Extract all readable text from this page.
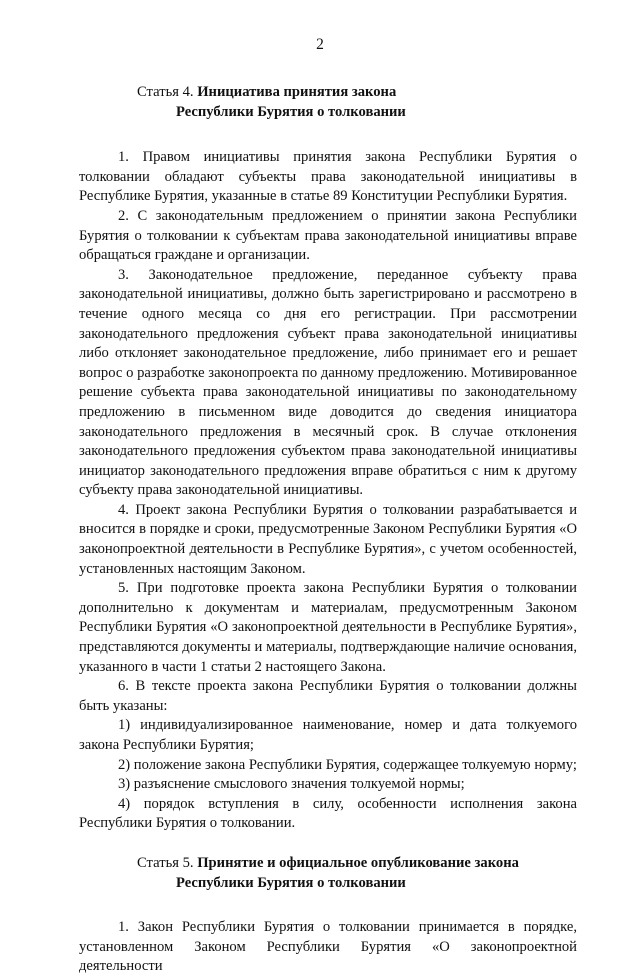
2
Статья 4. Инициатива принятия закона
Республики Бурятия о толковании

1. Правом инициативы принятия закона Республики Бурятия о толковании обладают субъекты права законодательной инициативы в Республике Бурятия, указанные в статье 89 Конституции Республики Бурятия.

2. С законодательным предложением о принятии закона Республики Бурятия о толковании к субъектам права законодательной инициативы вправе обращаться граждане и организации.

3. Законодательное предложение, переданное субъекту права законодательной инициативы, должно быть зарегистрировано и рассмотрено в течение одного месяца со дня его регистрации. При рассмотрении законодательного предложения субъект права законодательной инициативы либо отклоняет законодательное предложение, либо принимает его и решает вопрос о разработке законопроекта по данному предложению. Мотивированное решение субъекта права законодательной инициативы по законодательному предложению в письменном виде доводится до сведения инициатора законодательного предложения в месячный срок. В случае отклонения законодательного предложения субъектом права законодательной инициативы инициатор законодательного предложения вправе обратиться с ним к другому субъекту права законодательной инициативы.

4. Проект закона Республики Бурятия о толковании разрабатывается и вносится в порядке и сроки, предусмотренные Законом Республики Бурятия «О законопроектной деятельности в Республике Бурятия», с учетом особенностей, установленных настоящим Законом.

5. При подготовке проекта закона Республики Бурятия о толковании дополнительно к документам и материалам, предусмотренным Законом Республики Бурятия «О законопроектной деятельности в Республике Бурятия», представляются документы и материалы, подтверждающие наличие основания, указанного в части 1 статьи 2 настоящего Закона.

6. В тексте проекта закона Республики Бурятия о толковании должны быть указаны:

1) индивидуализированное наименование, номер и дата толкуемого закона Республики Бурятия;

2) положение закона Республики Бурятия, содержащее толкуемую норму;

3) разъяснение смыслового значения толкуемой нормы;

4) порядок вступления в силу, особенности исполнения закона Республики Бурятия о толковании.

Статья 5. Принятие и официальное опубликование закона
Республики Бурятия о толковании

1. Закон Республики Бурятия о толковании принимается в порядке, установленном Законом Республики Бурятия «О законопроектной деятельности
